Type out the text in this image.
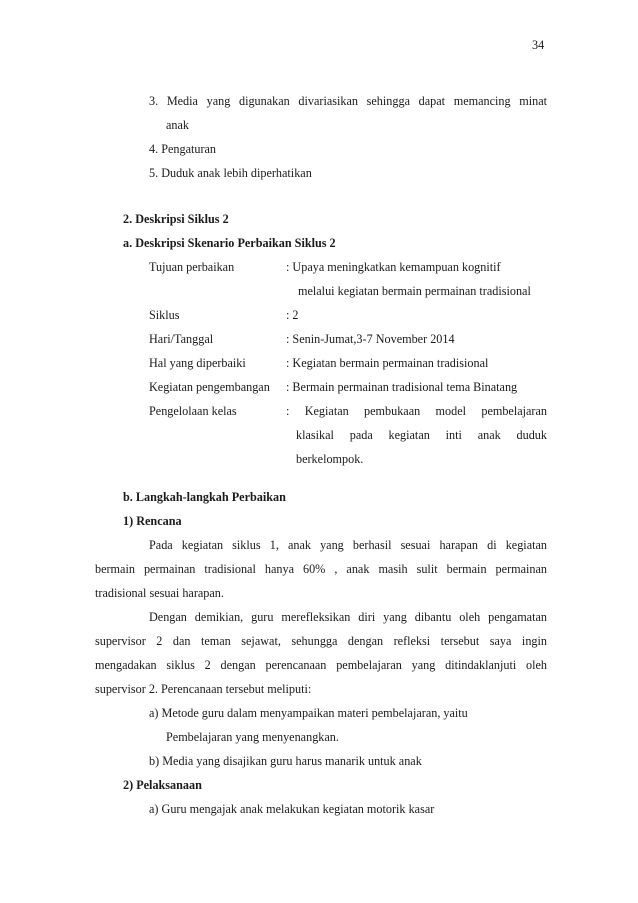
34
3. Media yang digunakan divariasikan sehingga dapat memancing minat
anak
4. Pengaturan
5. Duduk anak lebih diperhatikan
2. Deskripsi Siklus 2
a. Deskripsi Skenario Perbaikan Siklus 2
Tujuan perbaikan	: Upaya meningkatkan kemampuan kognitif
melalui kegiatan bermain permainan tradisional
Siklus	: 2
Hari/Tanggal	: Senin-Jumat,3-7 November 2014
Hal yang diperbaiki	: Kegiatan bermain permainan tradisional
Kegiatan pengembangan : Bermain permainan tradisional tema Binatang
Pengelolaan kelas	: Kegiatan pembukaan model pembelajaran
klasikal pada kegiatan inti anak duduk
berkelompok.
b. Langkah-langkah Perbaikan
1) Rencana
Pada kegiatan siklus 1, anak yang berhasil sesuai harapan di kegiatan
bermain permainan tradisional hanya 60% , anak masih sulit bermain permainan
tradisional sesuai harapan.
Dengan demikian, guru merefleksikan diri yang dibantu oleh pengamatan
supervisor 2 dan teman sejawat, sehungga dengan refleksi tersebut saya ingin
mengadakan siklus 2 dengan perencanaan pembelajaran yang ditindaklanjuti oleh
supervisor 2. Perencanaan tersebut meliputi:
a) Metode guru dalam menyampaikan materi pembelajaran, yaitu
Pembelajaran yang menyenangkan.
b) Media yang disajikan guru harus manarik untuk anak
2) Pelaksanaan
a) Guru mengajak anak melakukan kegiatan motorik kasar
